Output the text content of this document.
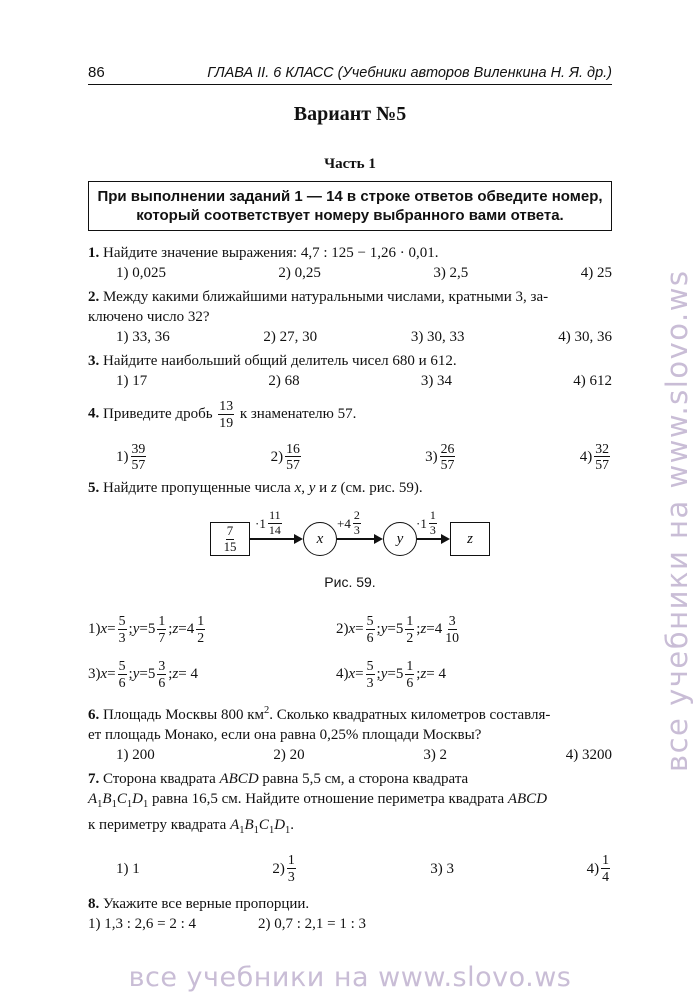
86	ГЛАВА II. 6 КЛАСС (Учебники авторов Виленкина Н. Я. др.)
Вариант №5
Часть 1
При выполнении заданий 1 — 14 в строке ответов обведите номер,
который соответствует номеру выбранного вами ответа.
1. Найдите значение выражения: 4,7 : 125 − 1,26 · 0,01.
1) 0,025	2) 0,25	3) 2,5	4) 25
2. Между какими ближайшими натуральными числами, кратными 3, за-
ключено число 32?
1) 33, 36	2) 27, 30	3) 30, 33	4) 30, 36
3. Найдите наибольший общий делитель чисел 680 и 612.
1) 17	2) 68	3) 34	4) 612
4. Приведите дробь $\frac{13}{19}$ к знаменателю 57.
$1) \frac{39}{57}$	$2) \frac{16}{57}$	$3) \frac{26}{57}$	$4) \frac{32}{57}$
5. Найдите пропущенные числа x, y и z (см. рис. 59).
$\frac{7}{15}$
$\cdot 1 \frac{11}{14}$
x
$+4 \frac{2}{3}$
y
$\cdot 1 \frac{1}{3}$
z
Рис. 59.
1) $x = \frac{5}{3}$ ; $y = 5 \frac{1}{7}$ ; $z = 4 \frac{1}{2}$	2) $x = \frac{5}{6}$ ; $y = 5 \frac{1}{2}$ ; $z = 4 \frac{3}{10}$
3) $x = \frac{5}{6}$ ; $y = 5 \frac{3}{6}$ ; z = 4	4) $x = \frac{5}{3}$ ; $y = 5 \frac{1}{6}$ ; z = 4
6. Площадь Москвы 800 $км^2$. Сколько квадратных километров составля-
ет площадь Монако, если она равна 0,25% площади Москвы?
1) 200	2) 20	3) 2	4) 3200
7. Сторона квадрата ABCD равна 5,5 см, а сторона квадрата
$A_1B_1C_1D_1$ равна 16,5 см. Найдите отношение периметра квадрата ABCD
к периметру квадрата $A_1B_1C_1D_1$.
1) 1	$2) \frac{1}{3}$	3) 3	$4) \frac{1}{4}$
8. Укажите все верные пропорции.
1) 1,3 : 2,6 = 2 : 4	2) 0,7 : 2,1 = 1 : 3
все учебники на www.slovo.ws
все учебники на www.slovo.ws
